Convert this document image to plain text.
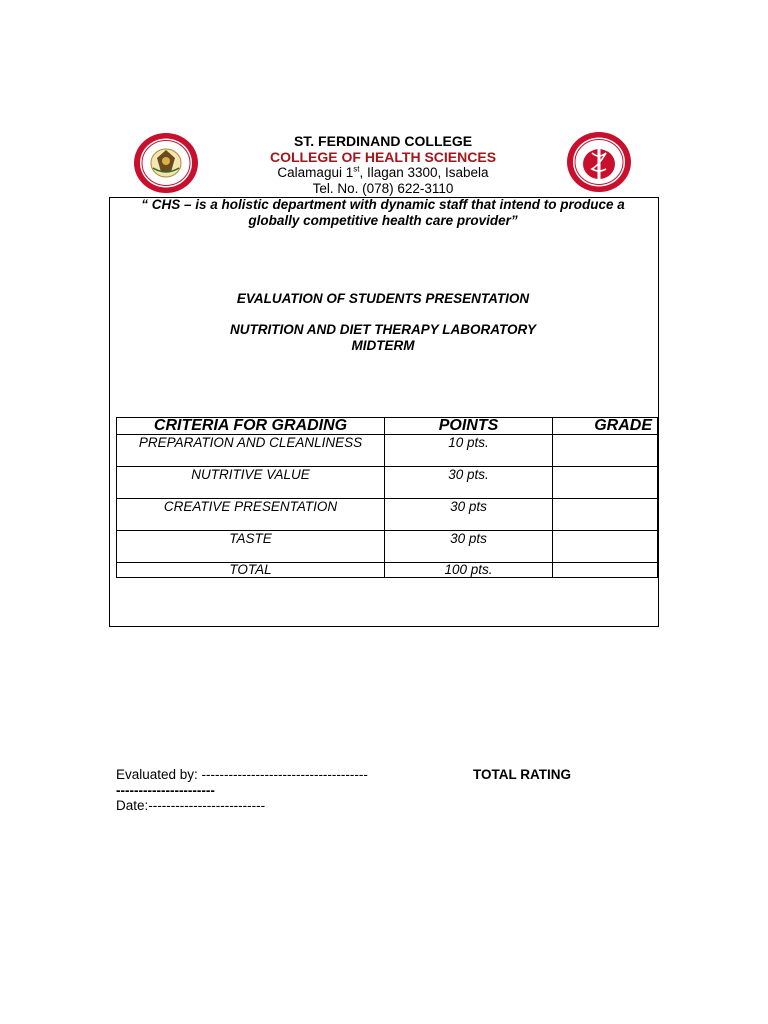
ST. FERDINAND COLLEGE
COLLEGE OF HEALTH SCIENCES
Calamagui 1st, Ilagan 3300, Isabela
Tel. No. (078) 622-3110
“ CHS – is a holistic department with dynamic staff that intend to produce a globally competitive health care provider”
EVALUATION OF STUDENTS PRESENTATION
NUTRITION AND DIET THERAPY LABORATORY
MIDTERM
CRITERIA FOR GRADING	POINTS	GRADE
PREPARATION AND CLEANLINESS	10 pts.	
NUTRITIVE VALUE	30 pts.	
CREATIVE PRESENTATION	30 pts	
TASTE	30 pts	
TOTAL	100 pts.	
Evaluated by: -------------------------------------	TOTAL RATING
----------------------
Date:--------------------------
